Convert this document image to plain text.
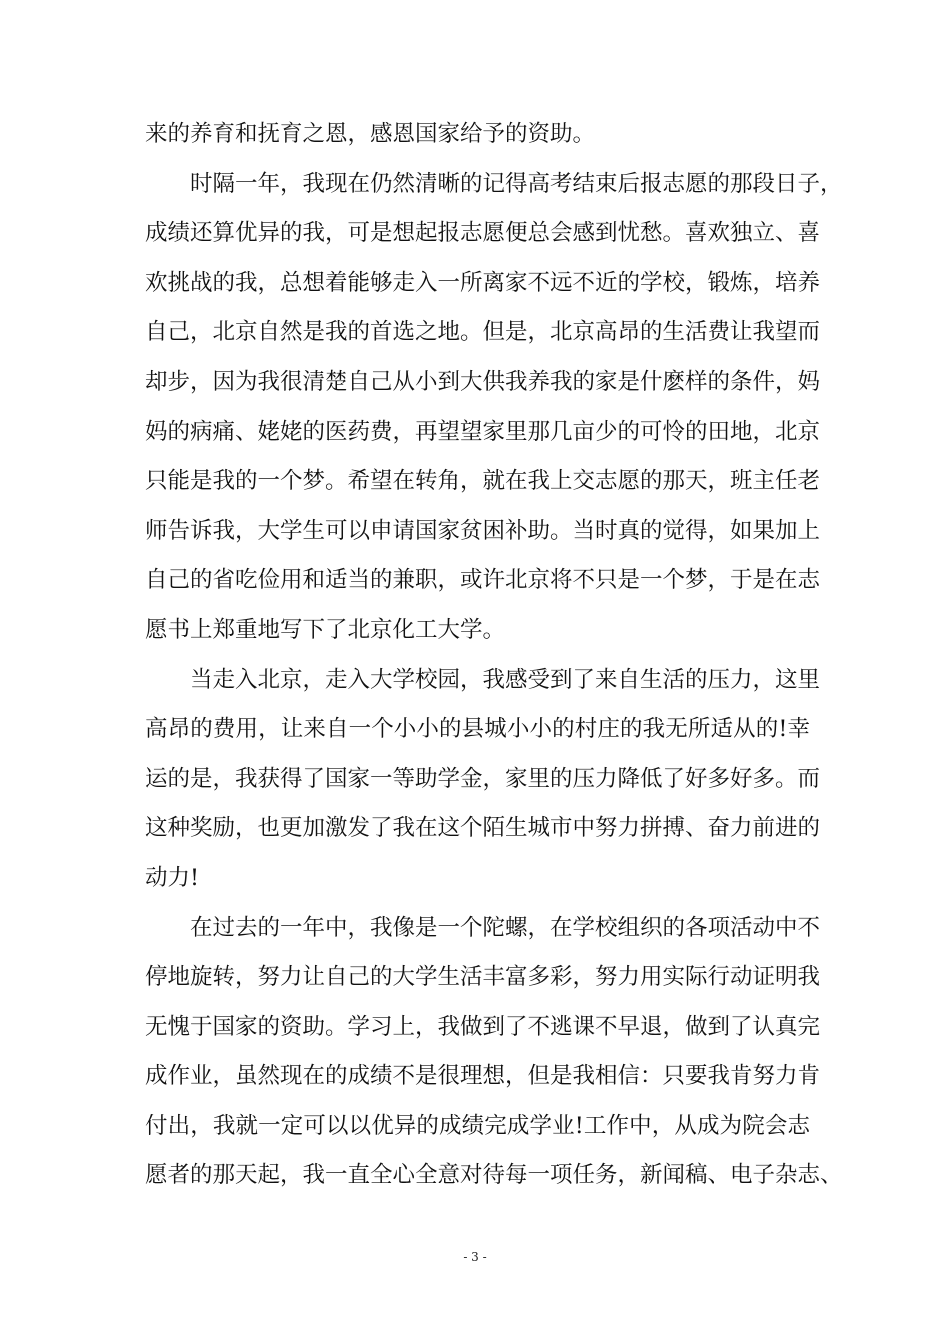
来的养育和抚育之恩，感恩国家给予的资助。
时隔一年，我现在仍然清晰的记得高考结束后报志愿的那段日子，
成绩还算优异的我，可是想起报志愿便总会感到忧愁。喜欢独立、喜
欢挑战的我，总想着能够走入一所离家不远不近的学校，锻炼，培养
自己，北京自然是我的首选之地。但是，北京高昂的生活费让我望而
却步，因为我很清楚自己从小到大供我养我的家是什麽样的条件，妈
妈的病痛、姥姥的医药费，再望望家里那几亩少的可怜的田地，北京
只能是我的一个梦。希望在转角，就在我上交志愿的那天，班主任老
师告诉我，大学生可以申请国家贫困补助。当时真的觉得，如果加上
自己的省吃俭用和适当的兼职，或许北京将不只是一个梦，于是在志
愿书上郑重地写下了北京化工大学。
当走入北京，走入大学校园，我感受到了来自生活的压力，这里
高昂的费用，让来自一个小小的县城小小的村庄的我无所适从的!幸
运的是，我获得了国家一等助学金，家里的压力降低了好多好多。而
这种奖励，也更加激发了我在这个陌生城市中努力拼搏、奋力前进的
动力!
在过去的一年中，我像是一个陀螺，在学校组织的各项活动中不
停地旋转，努力让自己的大学生活丰富多彩，努力用实际行动证明我
无愧于国家的资助。学习上，我做到了不逃课不早退，做到了认真完
成作业，虽然现在的成绩不是很理想，但是我相信：只要我肯努力肯
付出，我就一定可以以优异的成绩完成学业!工作中，从成为院会志
愿者的那天起，我一直全心全意对待每一项任务，新闻稿、电子杂志、
- 3 -
